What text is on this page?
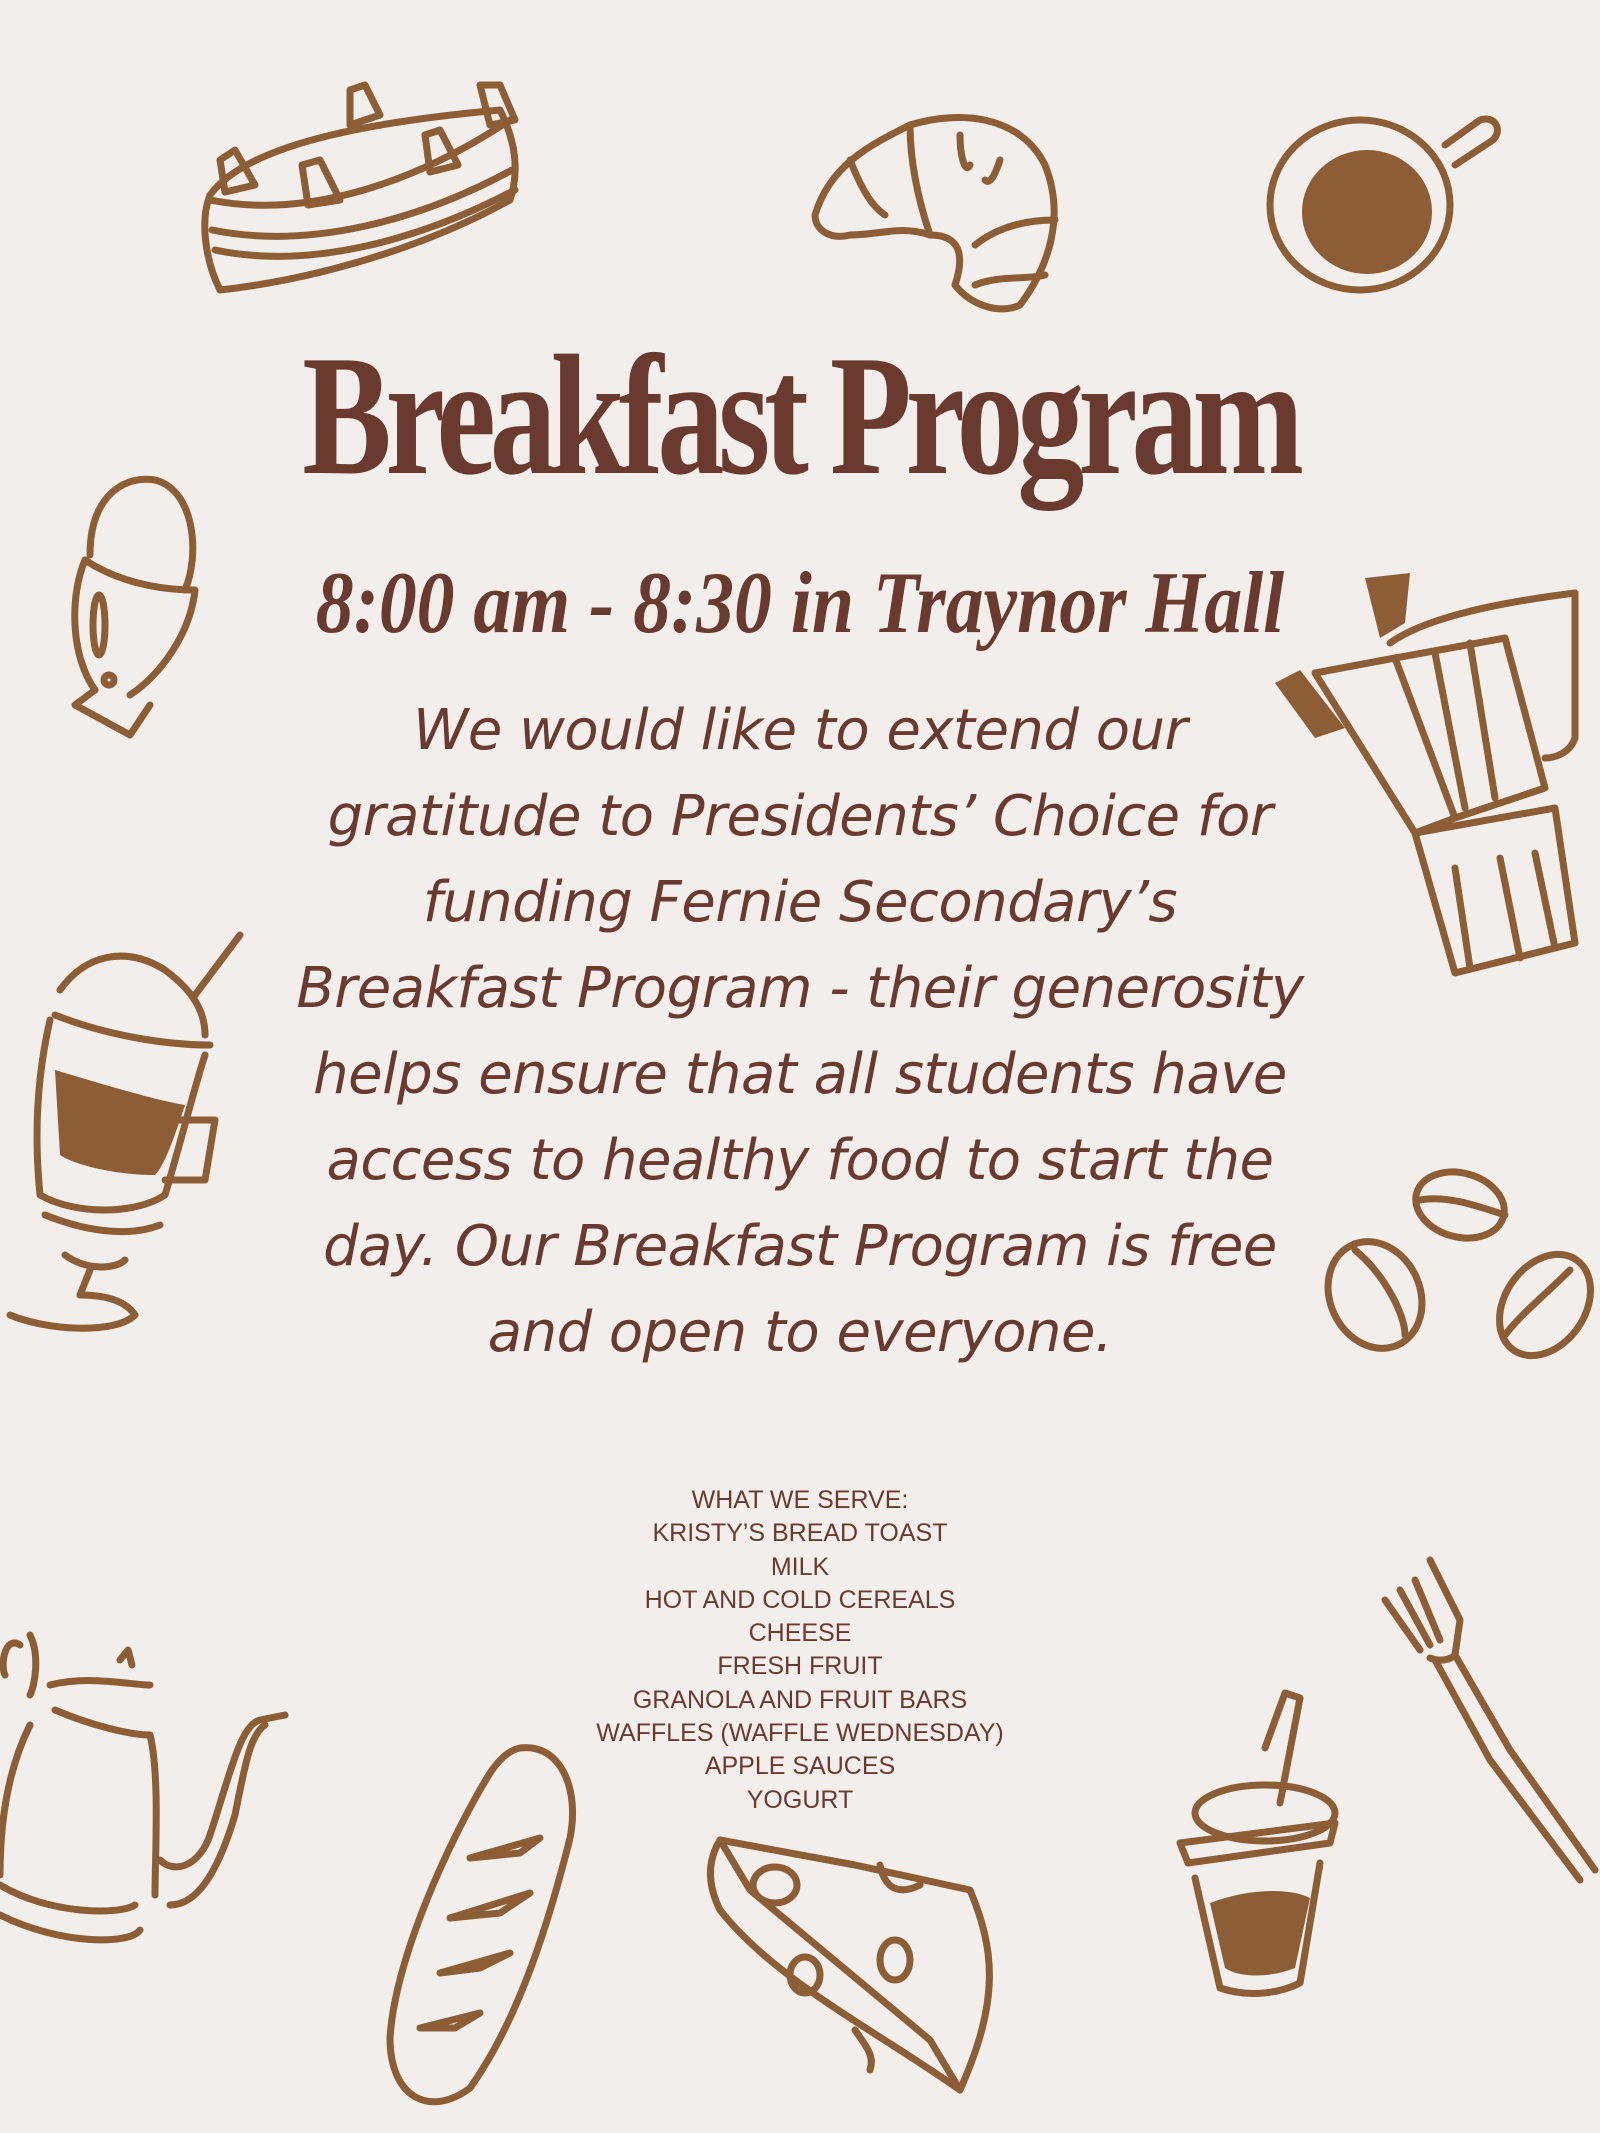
Breakfast Program
8:00 am - 8:30 in Traynor Hall

We would like to extend our gratitude to Presidents’ Choice for funding Fernie Secondary’s Breakfast Program - their generosity helps ensure that all students have access to healthy food to start the day. Our Breakfast Program is free and open to everyone.

WHAT WE SERVE:
KRISTY’S BREAD TOAST
MILK
HOT AND COLD CEREALS
CHEESE
FRESH FRUIT
GRANOLA AND FRUIT BARS
WAFFLES (WAFFLE WEDNESDAY)
APPLE SAUCES
YOGURT
